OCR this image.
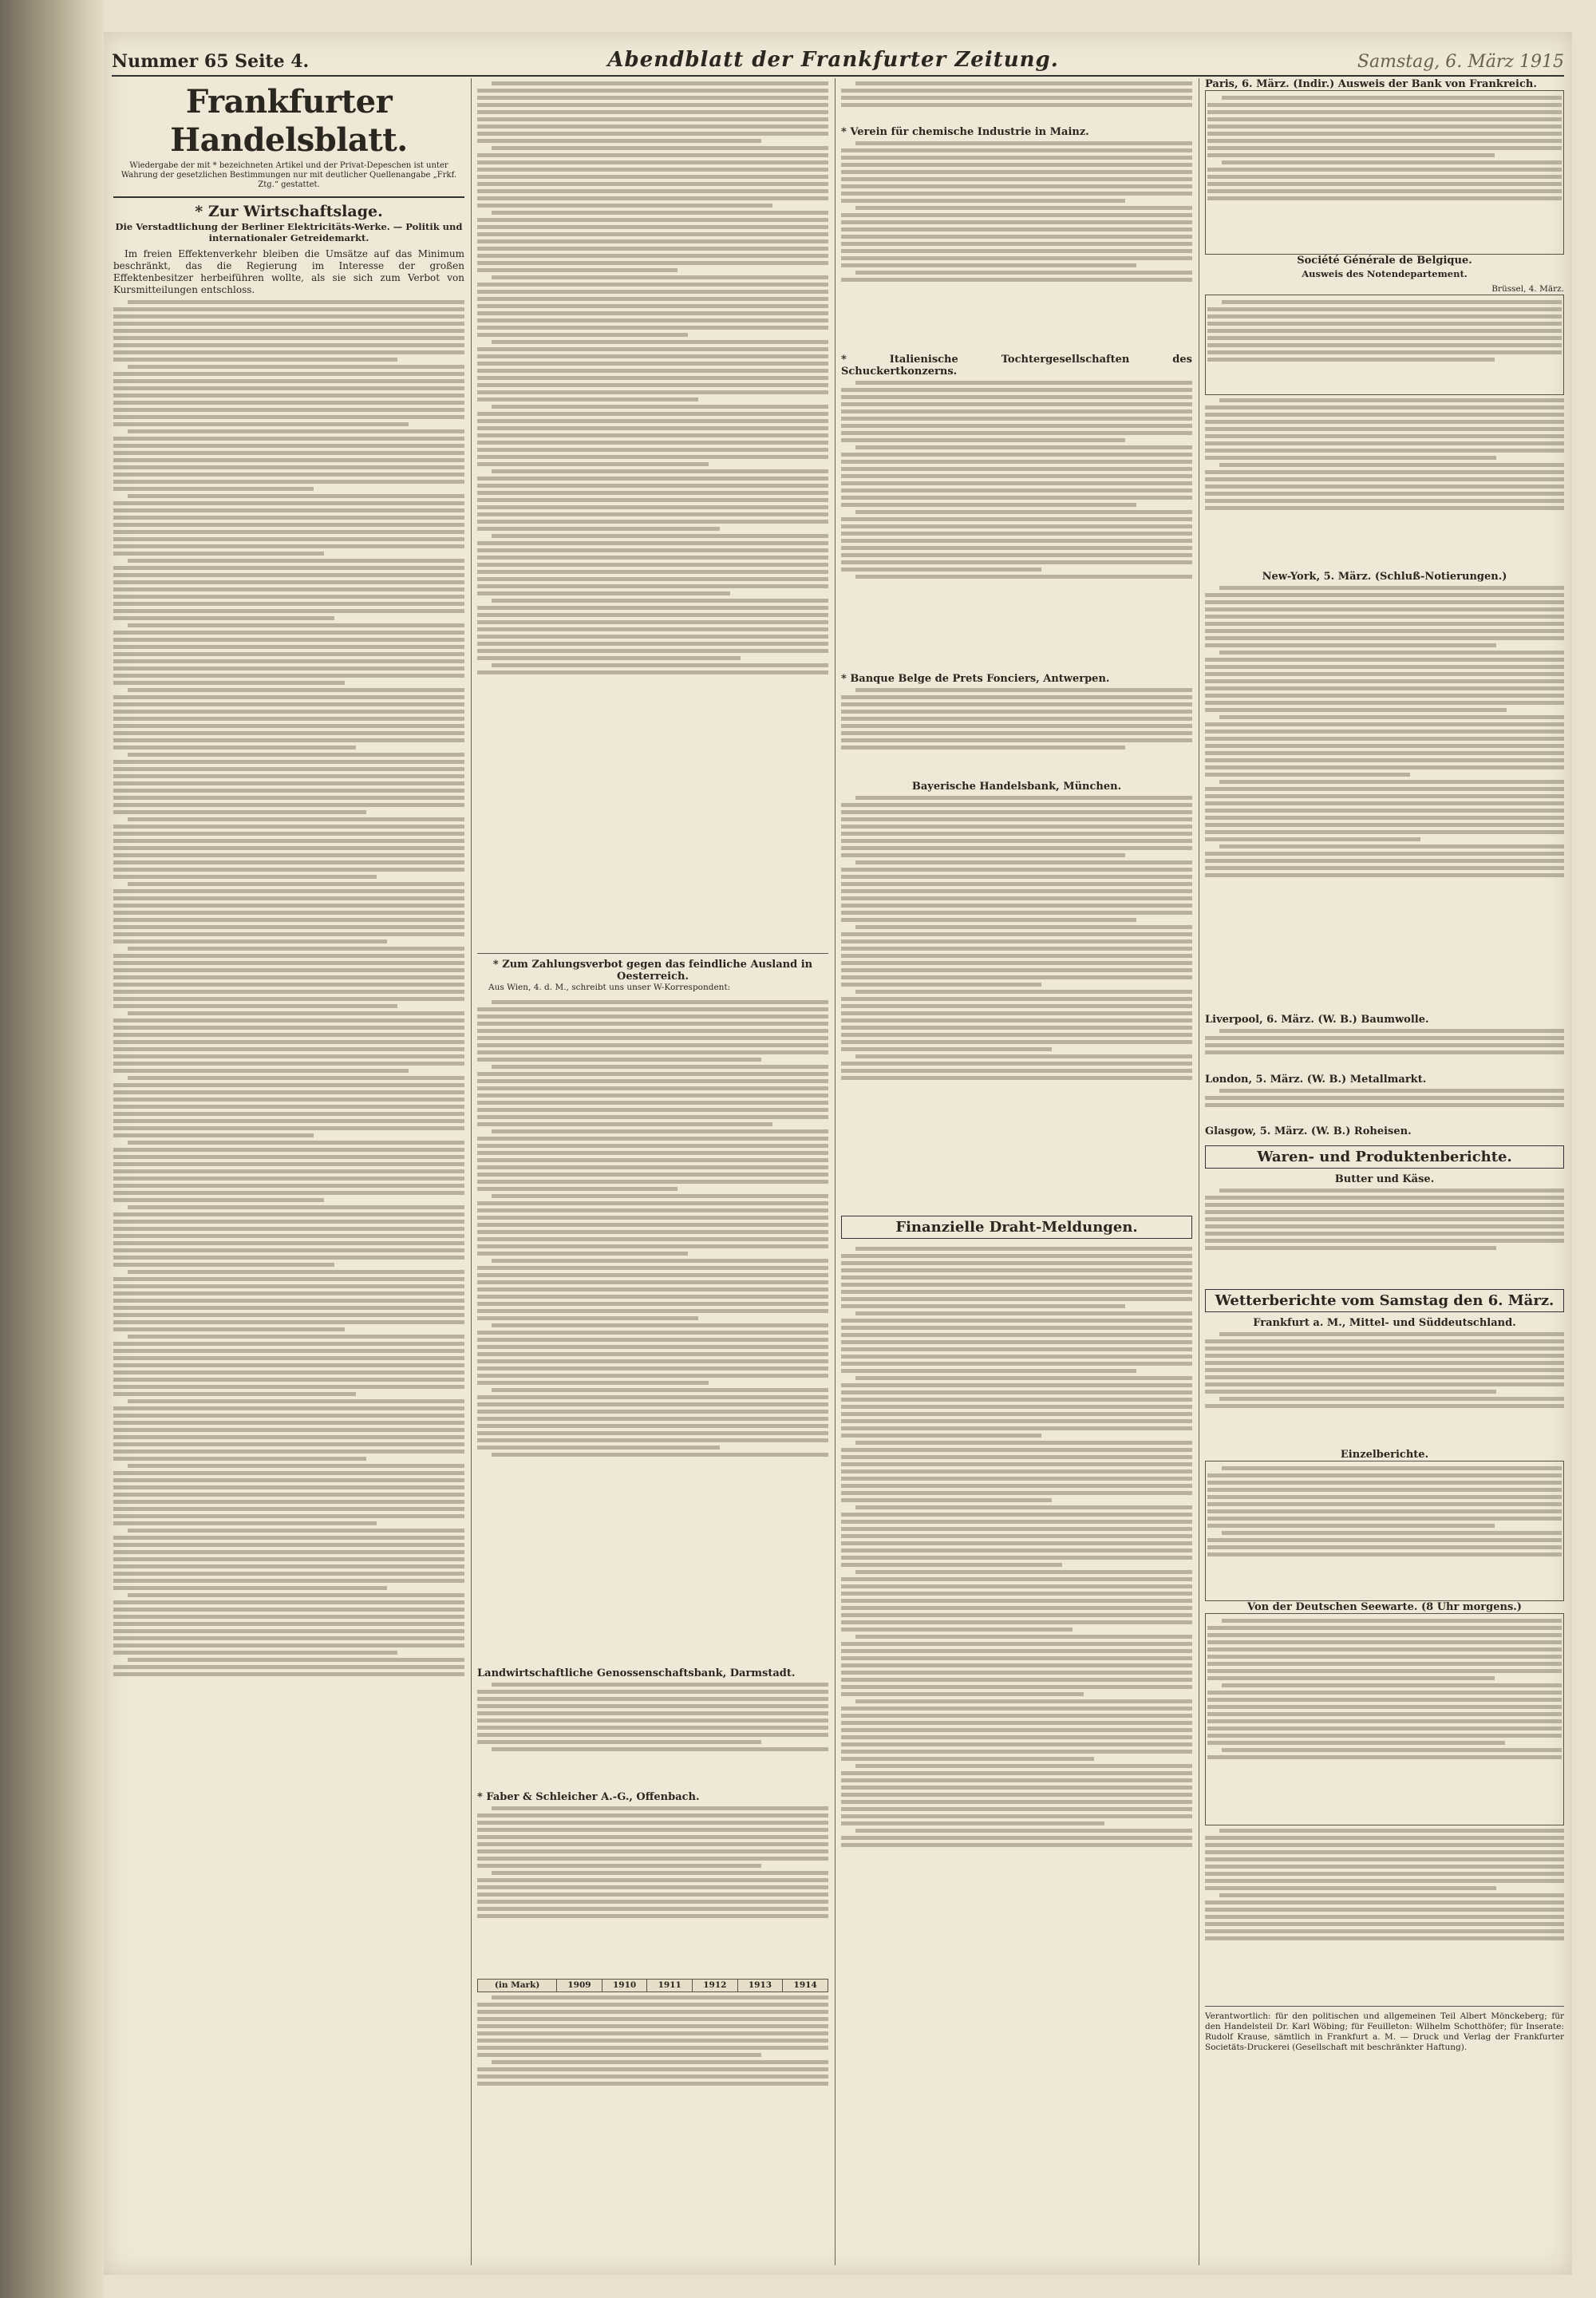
Nummer 65 Seite 4.	Abendblatt der Frankfurter Zeitung.	Samstag, 6. März 1915
Frankfurter Handelsblatt.
Wiedergabe der mit * bezeichneten Artikel und der Privat-Depeschen ist unter Wahrung der gesetzlichen Bestimmungen nur mit deutlicher Quellenangabe „Frkf. Ztg.“ gestattet.
* Zur Wirtschaftslage.
Die Verstadtlichung der Berliner Elektricitäts-Werke. — Politik und internationaler Getreidemarkt.

Im freien Effektenverkehr bleiben die Umsätze auf das Minimum beschränkt, das die Regierung im Interesse der großen Effektenbesitzer herbeiführen wollte, als sie sich zum Verbot von Kursmitteilungen entschloss.

* Zum Zahlungsverbot gegen das feindliche Ausland in Oesterreich.

Aus Wien, 4. d. M., schreibt uns unser W-Korrespondent:

Landwirtschaftliche Genossenschaftsbank, Darmstadt.
* Faber & Schleicher A.-G., Offenbach.
(in Mark)	1909	1910	1911	1912	1913	1914
* Verein für chemische Industrie in Mainz.
* Italienische Tochtergesellschaften des Schuckertkonzerns.
* Banque Belge de Prets Fonciers, Antwerpen.
Bayerische Handelsbank, München.
Finanzielle Draht-Meldungen.
Paris, 6. März. (Indir.) Ausweis der Bank von Frankreich.
Société Générale de Belgique.
Ausweis des Notendepartement.
Brüssel, 4. März.
New-York, 5. März. (Schluß-Notierungen.)
Liverpool, 6. März. (W. B.) Baumwolle.
London, 5. März. (W. B.) Metallmarkt.
Glasgow, 5. März. (W. B.) Roheisen.
Waren- und Produktenberichte.
Butter und Käse.
Wetterberichte vom Samstag den 6. März.
Frankfurt a. M., Mittel- und Süddeutschland.
Einzelberichte.
Von der Deutschen Seewarte. (8 Uhr morgens.)
Verantwortlich: für den politischen und allgemeinen Teil Albert Mönckeberg; für den Handelsteil Dr. Karl Wöbing; für Feuilleton: Wilhelm Schotthöfer; für Inserate: Rudolf Krause, sämtlich in Frankfurt a. M. — Druck und Verlag der Frankfurter Societäts-Druckerei (Gesellschaft mit beschränkter Haftung).
